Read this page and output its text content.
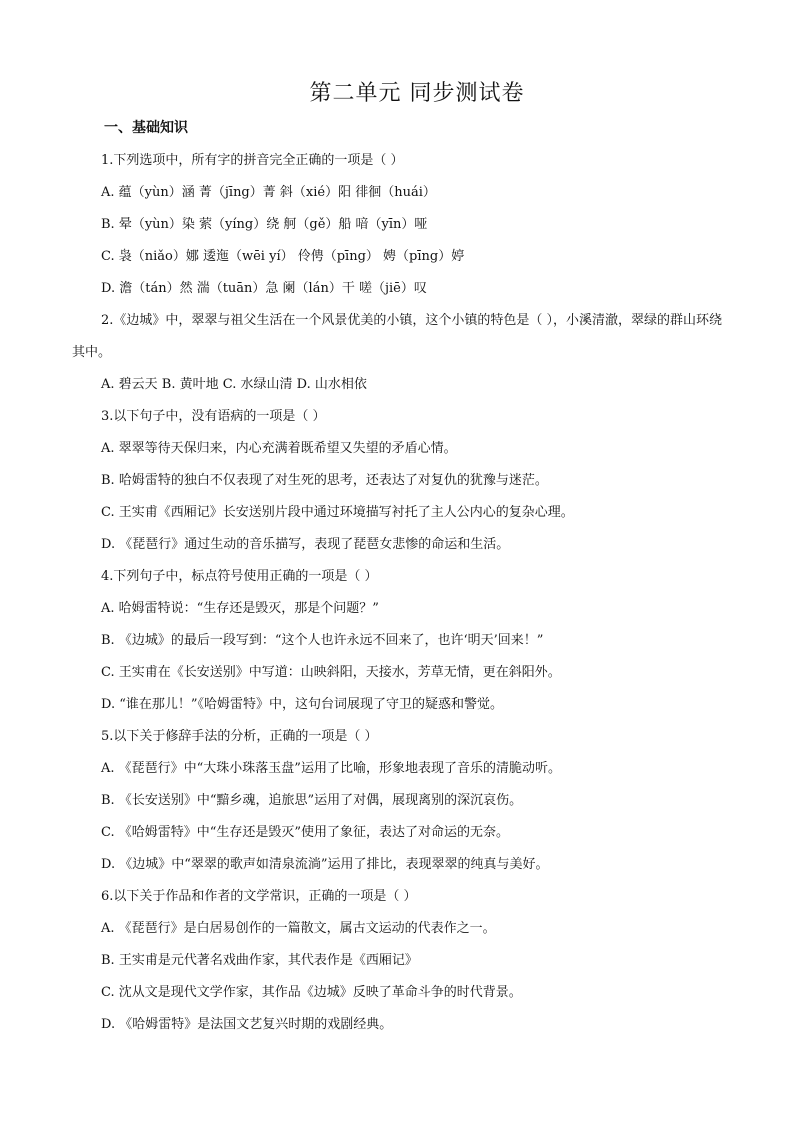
第二单元 同步测试卷
一、基础知识
1.下列选项中，所有字的拼音完全正确的一项是（ ）
A. 蕴（yùn）涵 菁（jīng）菁 斜（xié）阳 徘徊（huái）
B. 晕（yùn）染 萦（yíng）绕 舸（gě）船 喑（yīn）哑
C. 袅（niǎo）娜 逶迤（wēi yí） 伶俜（pīng） 娉（pīng）婷
D. 澹（tán）然 湍（tuān）急 阑（lán）干 嗟（jiē）叹
2.《边城》中，翠翠与祖父生活在一个风景优美的小镇，这个小镇的特色是（ ），小溪清澈，翠绿的群山环绕其中。
A. 碧云天 B. 黄叶地 C. 水绿山清 D. 山水相依
3.以下句子中，没有语病的一项是（ ）
A. 翠翠等待天保归来，内心充满着既希望又失望的矛盾心情。
B. 哈姆雷特的独白不仅表现了对生死的思考，还表达了对复仇的犹豫与迷茫。
C. 王实甫《西厢记》长安送别片段中通过环境描写衬托了主人公内心的复杂心理。
D. 《琵琶行》通过生动的音乐描写，表现了琵琶女悲惨的命运和生活。
4.下列句子中，标点符号使用正确的一项是（ ）
A. 哈姆雷特说：“生存还是毁灭，那是个问题？”
B. 《边城》的最后一段写到：“这个人也许永远不回来了，也许‘明天’回来！”
C. 王实甫在《长安送别》中写道：山映斜阳，天接水，芳草无情，更在斜阳外。
D. “谁在那儿！”《哈姆雷特》中，这句台词展现了守卫的疑惑和警觉。
5.以下关于修辞手法的分析，正确的一项是（ ）
A. 《琵琶行》中“大珠小珠落玉盘”运用了比喻，形象地表现了音乐的清脆动听。
B. 《长安送别》中“黯乡魂，追旅思”运用了对偶，展现离别的深沉哀伤。
C. 《哈姆雷特》中“生存还是毁灭”使用了象征，表达了对命运的无奈。
D. 《边城》中“翠翠的歌声如清泉流淌”运用了排比，表现翠翠的纯真与美好。
6.以下关于作品和作者的文学常识，正确的一项是（ ）
A. 《琵琶行》是白居易创作的一篇散文，属古文运动的代表作之一。
B. 王实甫是元代著名戏曲作家，其代表作是《西厢记》
C. 沈从文是现代文学作家，其作品《边城》反映了革命斗争的时代背景。
D. 《哈姆雷特》是法国文艺复兴时期的戏剧经典。
